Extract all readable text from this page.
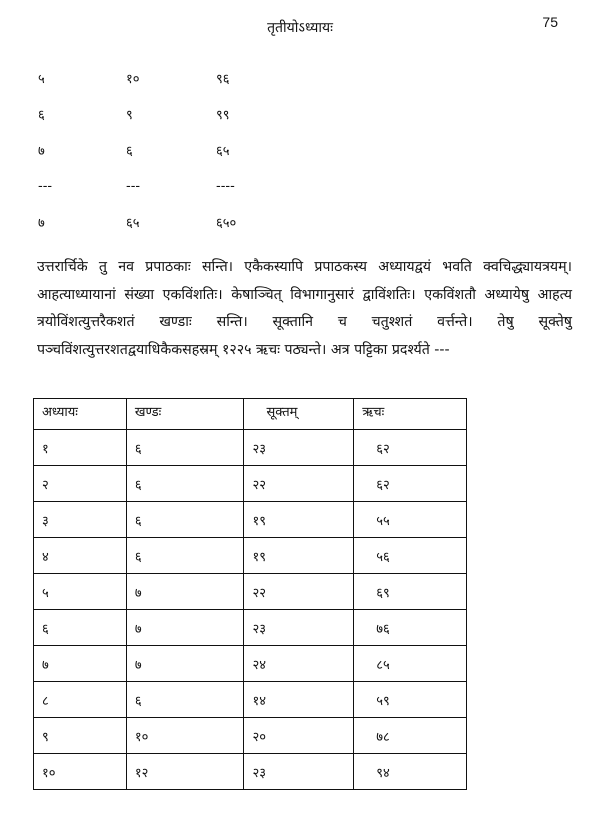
तृतीयोऽध्यायः	75
५	१०	९६
६	९	९९
७	६	६५
---	---	----
७	६५	६५०
उत्तरार्चिके तु नव प्रपाठकाः सन्ति। एकैकस्यापि प्रपाठकस्य अध्यायद्वयं भवति क्वचिद्ध्यायत्रयम्।
आहत्याध्यायानां संख्या एकविंशतिः। केषाञ्चित् विभागानुसारं द्वाविंशतिः। एकविंशतौ अध्यायेषु आहत्य
त्रयोविंशत्युत्तरैकशतं खण्डाः सन्ति। सूक्तानि च चतुश्शतं वर्त्तन्ते। तेषु सूक्तेषु
पञ्चविंशत्युत्तरशतद्वयाधिकैकसहस्रम् १२२५ ऋचः पठ्यन्ते। अत्र पट्टिका प्रदर्श्यते ---
अध्यायः	खण्डः	सूक्तम्	ऋचः
१	६	२३	६२
२	६	२२	६२
३	६	१९	५५
४	६	१९	५६
५	७	२२	६९
६	७	२३	७६
७	७	२४	८५
८	६	१४	५९
९	१०	२०	७८
१०	१२	२३	९४
